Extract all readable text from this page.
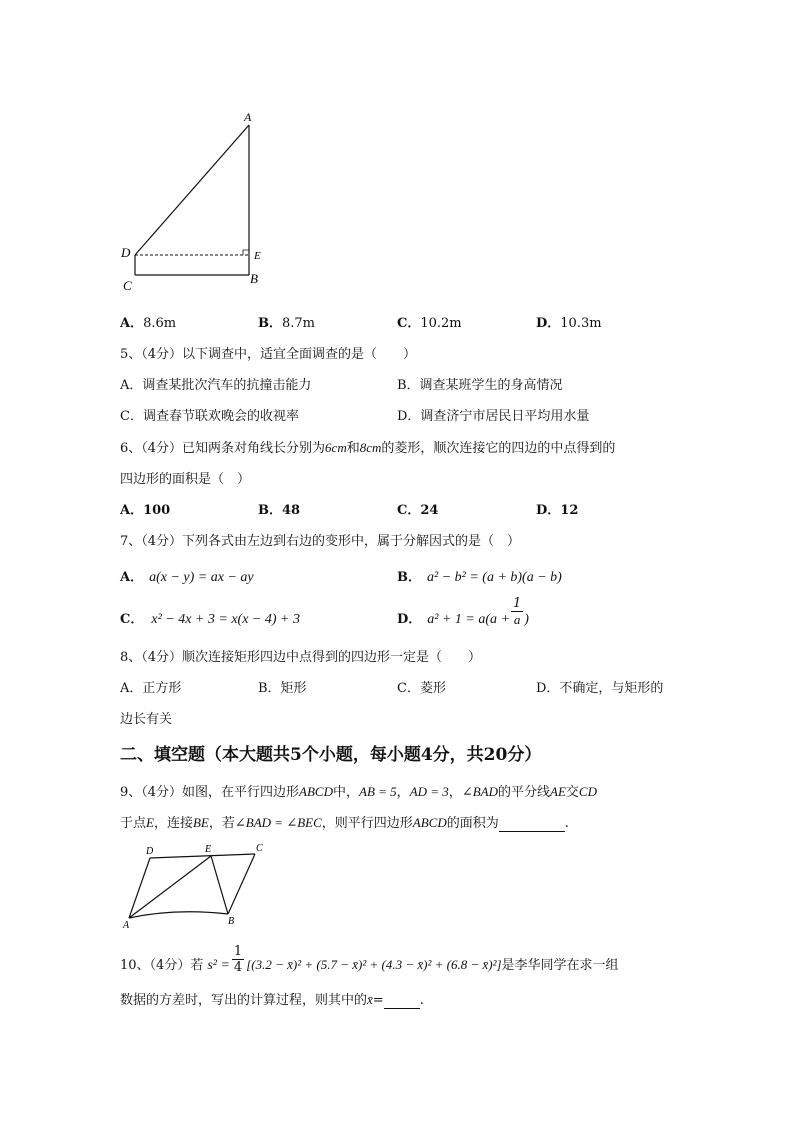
A
D	E
C	B
A．8.6m	B．8.7m	C．10.2m	D．10.3m
5、（4分）以下调查中，适宜全面调查的是（　　）
A．调查某批次汽车的抗撞击能力	B．调查某班学生的身高情况
C．调查春节联欢晚会的收视率	D．调查济宁市居民日平均用水量
6、（4分）已知两条对角线长分别为6cm和8cm的菱形，顺次连接它的四边的中点得到的
四边形的面积是（　）
A．100	B．48	C．24	D．12
7、（4分）下列各式由左边到右边的变形中，属于分解因式的是（　）
A． a(x − y) = ax − ay	B． a² − b² = (a + b)(a − b)
C． x² − 4x + 3 = x(x − 4) + 3	D． $a^2 + 1 = a(a + \frac{1}{a}$ )
8、（4分）顺次连接矩形四边中点得到的四边形一定是（　　）
A．正方形	B．矩形	C．菱形	D．不确定，与矩形的
边长有关
二、填空题（本大题共5个小题，每小题4分，共20分）
9、（4分）如图，在平行四边形ABCD中，AB = 5，AD = 3，∠BAD的平分线AE交CD
于点E，连接BE，若∠BAD = ∠BEC，则平行四边形ABCD的面积为	.
D	E	C
A	B
10、（4分）若 $s^2 = \frac{1}{4} [(3.2$ − x̄)² + (5.7 − x̄)² + (4.3 − x̄)² + (6.8 − x̄)²]是李华同学在求一组
数据的方差时，写出的计算过程，则其中的x̄=	.
